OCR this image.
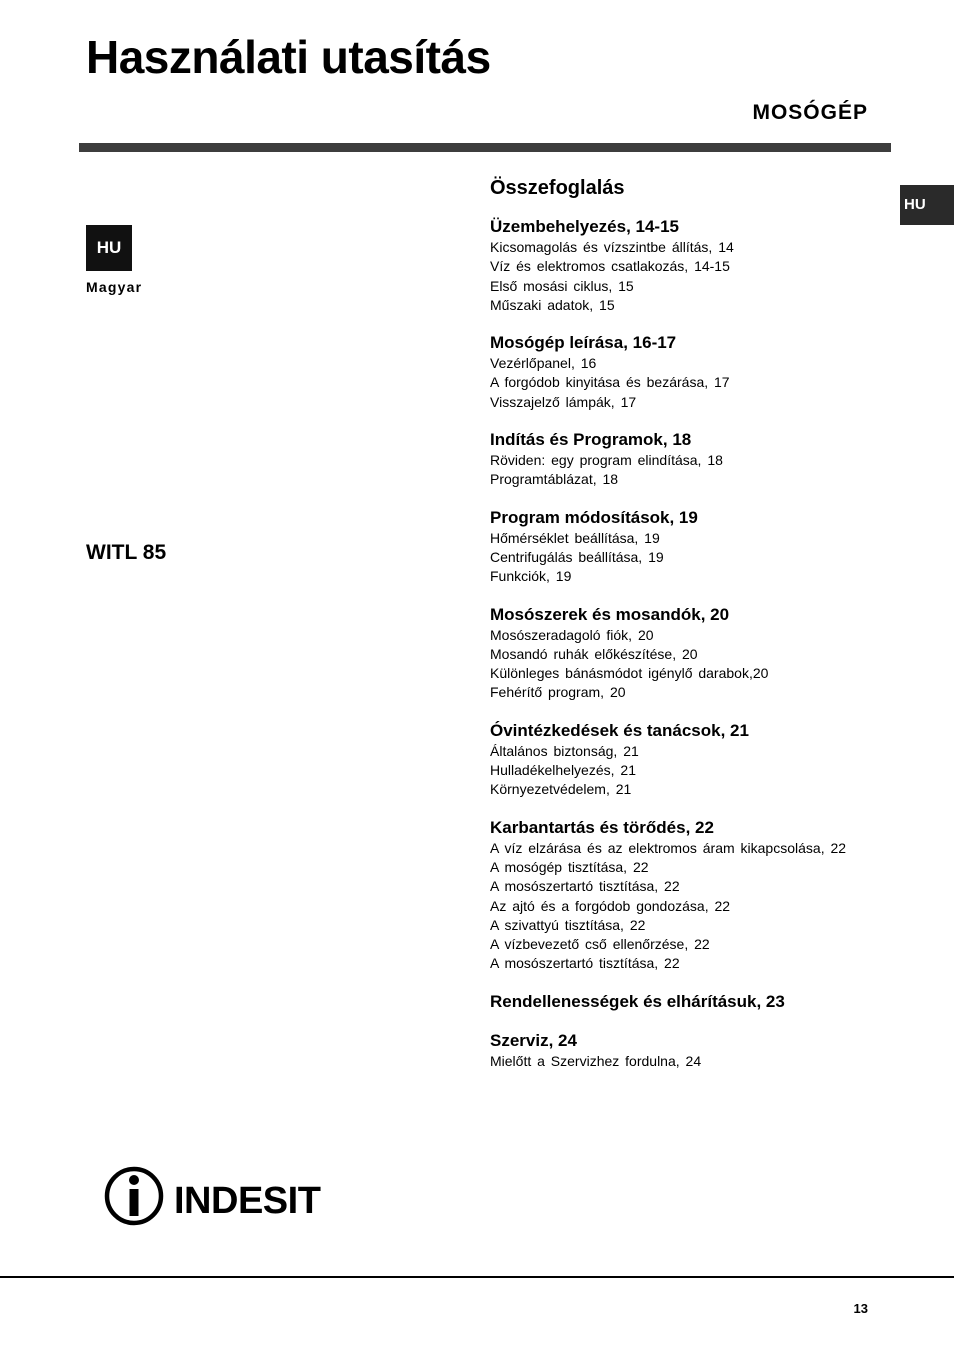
Használati utasítás
MOSÓGÉP
HU
HU
Magyar
WITL 85
Összefoglalás
Üzembehelyezés, 14-15
Kicsomagolás és vízszintbe állítás, 14
Víz és elektromos csatlakozás, 14-15
Első mosási ciklus, 15
Műszaki adatok, 15
Mosógép leírása, 16-17
Vezérlőpanel, 16
A forgódob kinyitása és bezárása, 17
Visszajelző lámpák, 17
Indítás és Programok, 18
Röviden: egy program elindítása, 18
Programtáblázat, 18
Program módosítások, 19
Hőmérséklet beállítása, 19
Centrifugálás beállítása, 19
Funkciók, 19
Mosószerek és mosandók, 20
Mosószeradagoló fiók, 20
Mosandó ruhák előkészítése, 20
Különleges bánásmódot igénylő darabok,20
Fehérítő program, 20
Óvintézkedések és tanácsok, 21
Általános biztonság, 21
Hulladékelhelyezés, 21
Környezetvédelem, 21
Karbantartás és törődés, 22
A víz elzárása és az elektromos áram kikapcsolása, 22
A mosógép tisztítása, 22
A mosószertartó tisztítása, 22
Az ajtó és a forgódob gondozása, 22
A szivattyú tisztítása, 22
A vízbevezető cső ellenőrzése, 22
A mosószertartó tisztítása, 22
Rendellenességek és elhárításuk, 23
Szerviz, 24
Mielőtt a Szervizhez fordulna, 24
INDESIT
13
